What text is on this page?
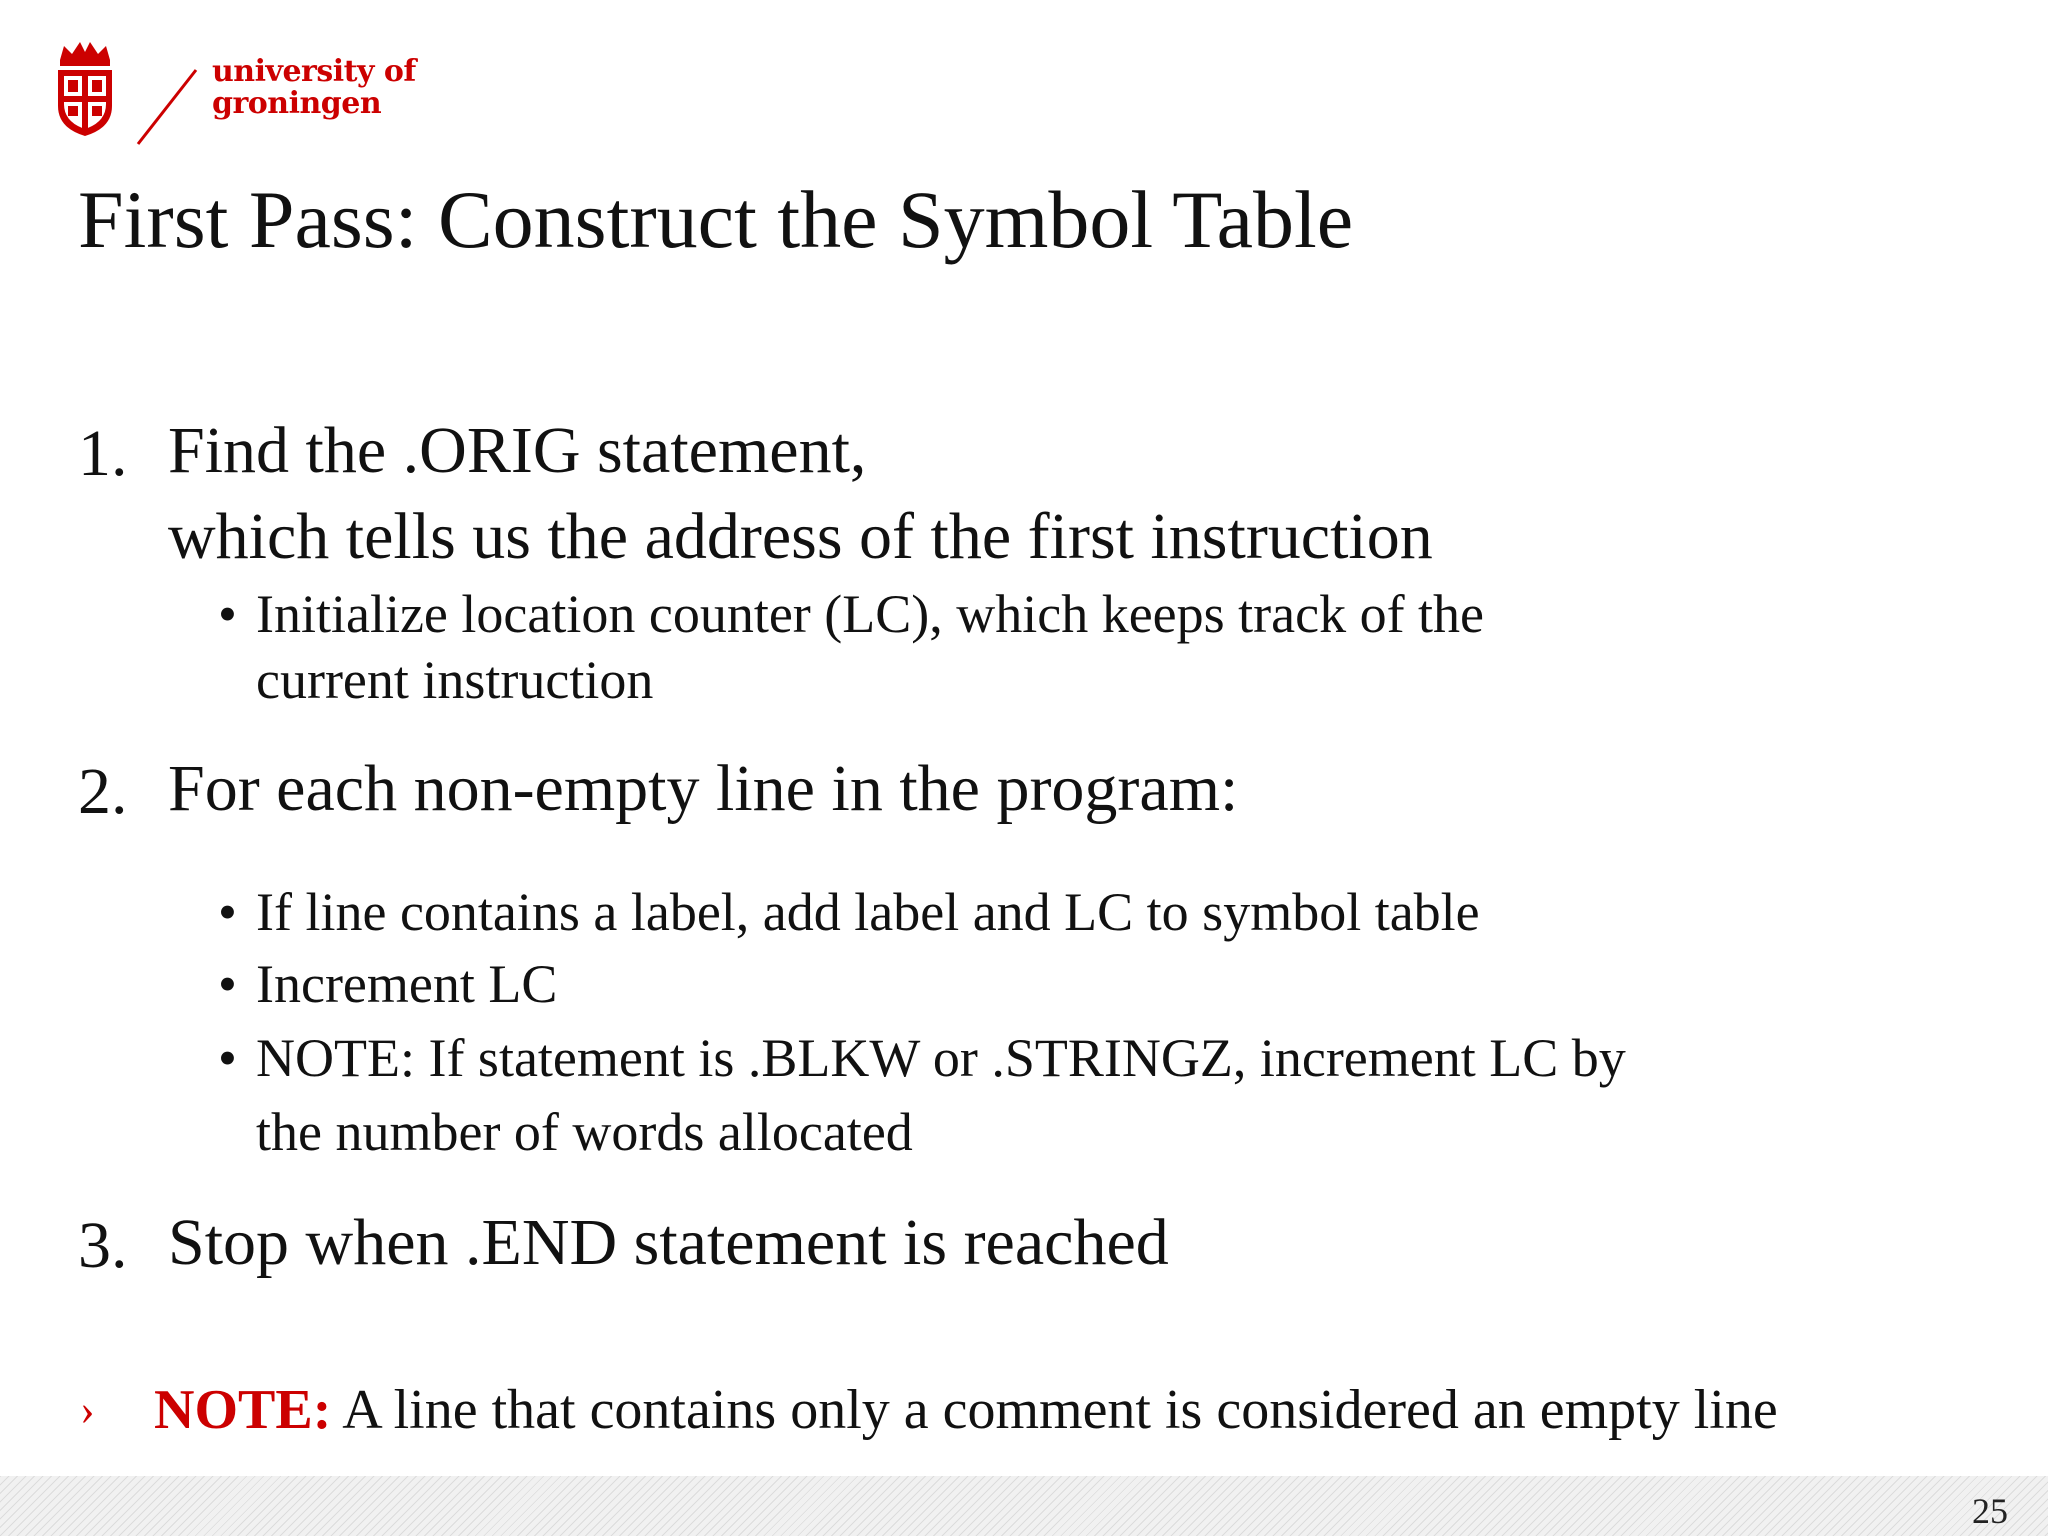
university of
groningen
First Pass: Construct the Symbol Table
1. Find the .ORIG statement,
which tells us the address of the first instruction
• Initialize location counter (LC), which keeps track of the
current instruction
2. For each non-empty line in the program:
• If line contains a label, add label and LC to symbol table
• Increment LC
• NOTE: If statement is .BLKW or .STRINGZ, increment LC by
the number of words allocated
3. Stop when .END statement is reached
› NOTE: A line that contains only a comment is considered an empty line
25
